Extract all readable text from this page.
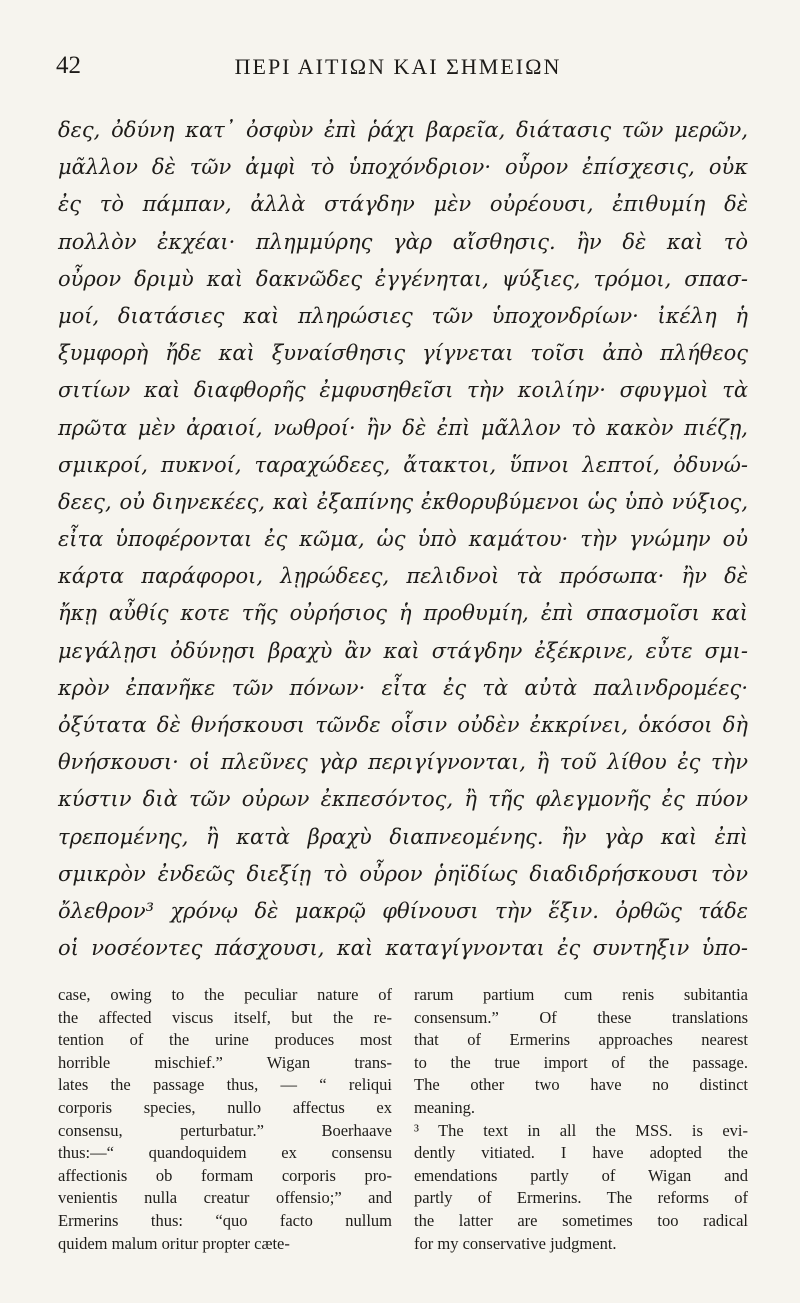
42	ΠΕΡΙ ΑΙΤΙΩΝ ΚΑΙ ΣΗΜΕΙΩΝ
δες, ὀδύνη κατ᾽ ὀσφὺν ἐπὶ ῥάχι βαρεῖα, διάτασις τῶν μερῶν,
μᾶλλον δὲ τῶν ἀμφὶ τὸ ὑποχόνδριον· οὖρον ἐπίσχεσις, οὐκ
ἐς τὸ πάμπαν, ἀλλὰ στάγδην μὲν οὐρέουσι, ἐπιθυμίη δὲ
πολλὸν ἐκχέαι· πλημμύρης γὰρ αἴσθησις. ἢν δὲ καὶ τὸ
οὖρον δριμὺ καὶ δακνῶδες ἐγγένηται, ψύξιες, τρόμοι, σπασ-
μοί, διατάσιες καὶ πληρώσιες τῶν ὑποχονδρίων· ἰκέλη ἡ
ξυμφορὴ ἤδε καὶ ξυναίσθησις γίγνεται τοῖσι ἀπὸ πλήθεος
σιτίων καὶ διαφθορῆς ἐμφυσηθεῖσι τὴν κοιλίην· σφυγμοὶ τὰ
πρῶτα μὲν ἀραιοί, νωθροί· ἢν δὲ ἐπὶ μᾶλλον τὸ κακὸν πιέζῃ,
σμικροί, πυκνοί, ταραχώδεες, ἄτακτοι, ὕπνοι λεπτοί, ὀδυνώ-
δεες, οὐ διηνεκέες, καὶ ἐξαπίνης ἐκθορυβύμενοι ὡς ὑπὸ νύξιος,
εἶτα ὑποφέρονται ἐς κῶμα, ὡς ὑπὸ καμάτου· τὴν γνώμην οὐ
κάρτα παράφοροι, λῃρώδεες, πελιδνοὶ τὰ πρόσωπα· ἢν δὲ
ἤκῃ αὖθίς κοτε τῆς οὐρήσιος ἡ προθυμίη, ἐπὶ σπασμοῖσι καὶ
μεγάλῃσι ὀδύνῃσι βραχὺ ἂν καὶ στάγδην ἐξέκρινε, εὖτε σμι-
κρὸν ἐπανῆκε τῶν πόνων· εἶτα ἐς τὰ αὐτὰ παλινδρομέες·
ὀξύτατα δὲ θνήσκουσι τῶνδε οἷσιν οὐδὲν ἐκκρίνει, ὁκόσοι δὴ
θνήσκουσι· οἱ πλεῦνες γὰρ περιγίγνονται, ἢ τοῦ λίθου ἐς τὴν
κύστιν διὰ τῶν οὐρων ἐκπεσόντος, ἢ τῆς φλεγμονῆς ἐς πύον
τρεπομένης, ἢ κατὰ βραχὺ διαπνεομένης. ἢν γὰρ καὶ ἐπὶ
σμικρὸν ἐνδεῶς διεξίῃ τὸ οὖρον ῥηϊδίως διαδιδρήσκουσι τὸν
ὄλεθρον³ χρόνῳ δὲ μακρῷ φθίνουσι τὴν ἕξιν. ὀρθῶς τάδε
οἱ νοσέοντες πάσχουσι, καὶ καταγίγνονται ἐς συντηξιν ὑπο-
case, owing to the peculiar nature of
the affected viscus itself, but the re-
tention of the urine produces most
horrible mischief.” Wigan trans-
lates the passage thus, — “ reliqui
corporis species, nullo affectus ex
consensu, perturbatur.” Boerhaave
thus:—“ quandoquidem ex consensu
affectionis ob formam corporis pro-
venientis nulla creatur offensio;” and
Ermerins thus: “quo facto nullum
quidem malum oritur propter cæte-
rarum partium cum renis subitantia
consensum.” Of these translations
that of Ermerins approaches nearest
to the true import of the passage.
The other two have no distinct
meaning.
³ The text in all the MSS. is evi-
dently vitiated. I have adopted the
emendations partly of Wigan and
partly of Ermerins. The reforms of
the latter are sometimes too radical
for my conservative judgment.
